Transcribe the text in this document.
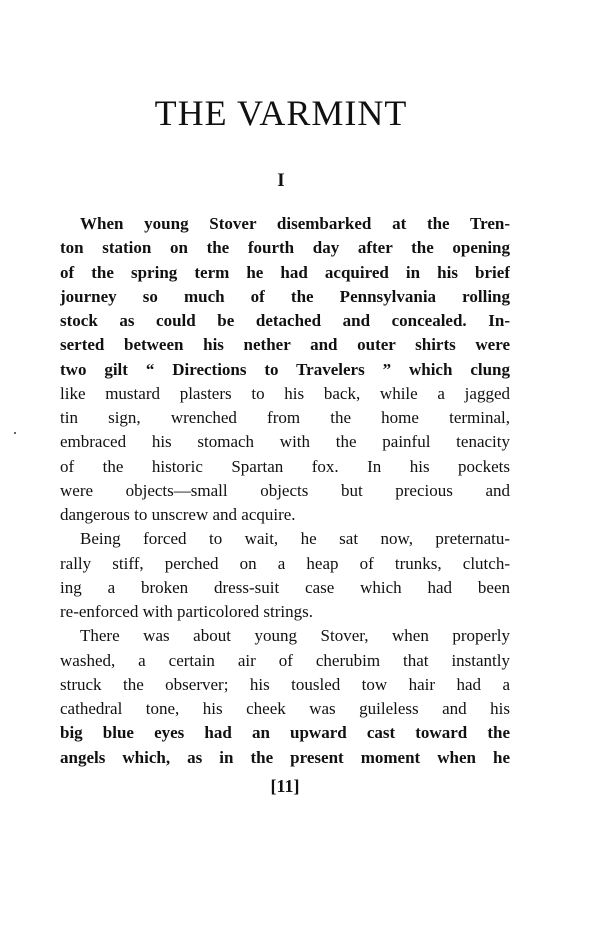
THE VARMINT
I
When young Stover disembarked at the Tren-
ton station on the fourth day after the opening
of the spring term he had acquired in his brief
journey so much of the Pennsylvania rolling
stock as could be detached and concealed. In-
serted between his nether and outer shirts were
two gilt “ Directions to Travelers ” which clung
like mustard plasters to his back, while a jagged
tin sign, wrenched from the home terminal,
embraced his stomach with the painful tenacity
of the historic Spartan fox. In his pockets
were objects—small objects but precious and
dangerous to unscrew and acquire.
Being forced to wait, he sat now, preternatu-
rally stiff, perched on a heap of trunks, clutch-
ing a broken dress-suit case which had been
re-enforced with particolored strings.
There was about young Stover, when properly
washed, a certain air of cherubim that instantly
struck the observer; his tousled tow hair had a
cathedral tone, his cheek was guileless and his
big blue eyes had an upward cast toward the
angels which, as in the present moment when he
[11]
